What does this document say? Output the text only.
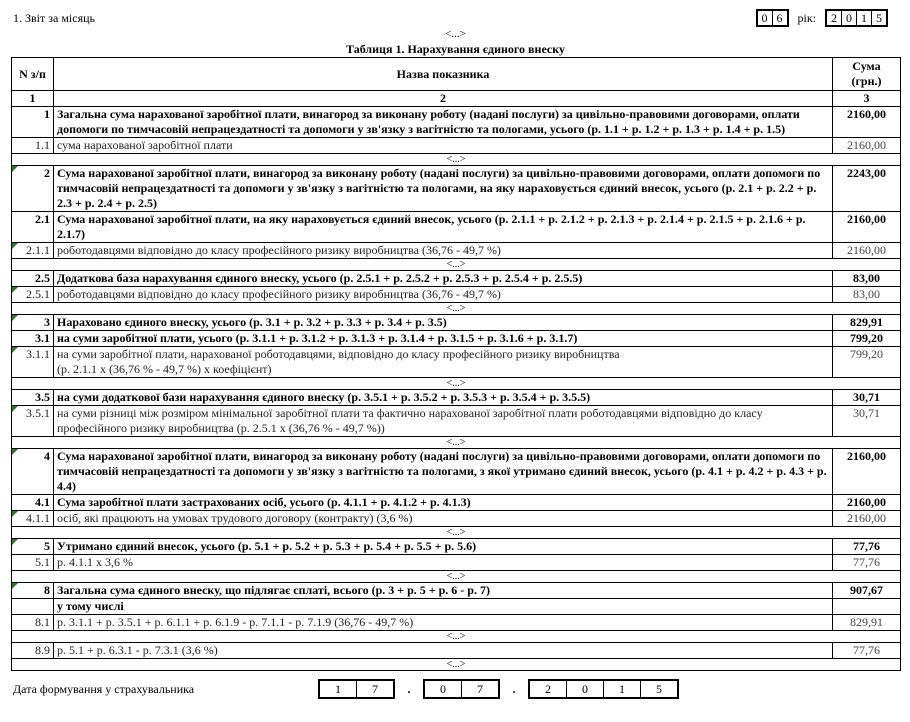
1. Звіт за місяць	0 6	рік:	2 0 1 5
<...>
Таблиця 1. Нарахування єдиного внеску
N з/п	Назва показника	Сума (грн.)
1	2	3
1	Загальна сума нарахованої заробітної плати, винагород за виконану роботу (надані послуги) за цивільно-правовими договорами, оплати допомоги по тимчасовій непрацездатності та допомоги у зв'язку з вагітністю та пологами, усього (р. 1.1 + р. 1.2 + р. 1.3 + р. 1.4 + р. 1.5)	2160,00
1.1	сума нарахованої заробітної плати	2160,00
<...>		
2	Сума нарахованої заробітної плати, винагород за виконану роботу (надані послуги) за цивільно-правовими договорами, оплати допомоги по тимчасовій непрацездатності та допомоги у зв'язку з вагітністю та пологами, на яку нараховується єдиний внесок, усього (р. 2.1 + р. 2.2 + р. 2.3 + р. 2.4 + р. 2.5)	2243,00
2.1	Сума нарахованої заробітної плати, на яку нараховується єдиний внесок, усього (р. 2.1.1 + р. 2.1.2 + р. 2.1.3 + р. 2.1.4 + р. 2.1.5 + р. 2.1.6 + р. 2.1.7)	2160,00
2.1.1	роботодавцями відповідно до класу професійного ризику виробництва (36,76 - 49,7 %)	2160,00
<...>		
2.5	Додаткова база нарахування єдиного внеску, усього (р. 2.5.1 + р. 2.5.2 + р. 2.5.3 + р. 2.5.4 + р. 2.5.5)	83,00
2.5.1	роботодавцями відповідно до класу професійного ризику виробництва (36,76 - 49,7 %)	83,00
<...>		
3	Нараховано єдиного внеску, усього (р. 3.1 + р. 3.2 + р. 3.3 + р. 3.4 + р. 3.5)	829,91
3.1	на суми заробітної плати, усього (р. 3.1.1 + р. 3.1.2 + р. 3.1.3 + р. 3.1.4 + р. 3.1.5 + р. 3.1.6 + р. 3.1.7)	799,20
3.1.1	на суми заробітної плати, нарахованої роботодавцями, відповідно до класу професійного ризику виробництва
(р. 2.1.1 х (36,76 % - 49,7 %) х коефіцієнт)	799,20
<...>		
3.5	на суми додаткової бази нарахування єдиного внеску (р. 3.5.1 + р. 3.5.2 + р. 3.5.3 + р. 3.5.4 + р. 3.5.5)	30,71
3.5.1	на суми різниці між розміром мінімальної заробітної плати та фактично нарахованої заробітної плати роботодавцями відповідно до класу професійного ризику виробництва (р. 2.5.1 х (36,76 % - 49,7 %))	30,71
<...>		
4	Сума нарахованої заробітної плати, винагород за виконану роботу (надані послуги) за цивільно-правовими договорами, оплати допомоги по тимчасовій непрацездатності та допомоги у зв'язку з вагітністю та пологами, з якої утримано єдиний внесок, усього (р. 4.1 + р. 4.2 + р. 4.3 + р. 4.4)	2160,00
4.1	Сума заробітної плати застрахованих осіб, усього (р. 4.1.1 + р. 4.1.2 + р. 4.1.3)	2160,00
4.1.1	осіб, які працюють на умовах трудового договору (контракту) (3,6 %)	2160,00
<...>		
5	Утримано єдиний внесок, усього (р. 5.1 + р. 5.2 + р. 5.3 + р. 5.4 + р. 5.5 + р. 5.6)	77,76
5.1	р. 4.1.1 х 3,6 %	77,76
<...>		
8	Загальна сума єдиного внеску, що підлягає сплаті, всього (р. 3 + р. 5 + р. 6 - р. 7)	907,67
	у тому числі	
8.1	р. 3.1.1 + р. 3.5.1 + р. 6.1.1 + р. 6.1.9 - р. 7.1.1 - р. 7.1.9 (36,76 - 49,7 %)	829,91
<...>		
8.9	р. 5.1 + р. 6.3.1 - р. 7.3.1 (3,6 %)	77,76
<...>		
Дата формування у страхувальника	1	7	.	0	7	.	2	0	1	5
